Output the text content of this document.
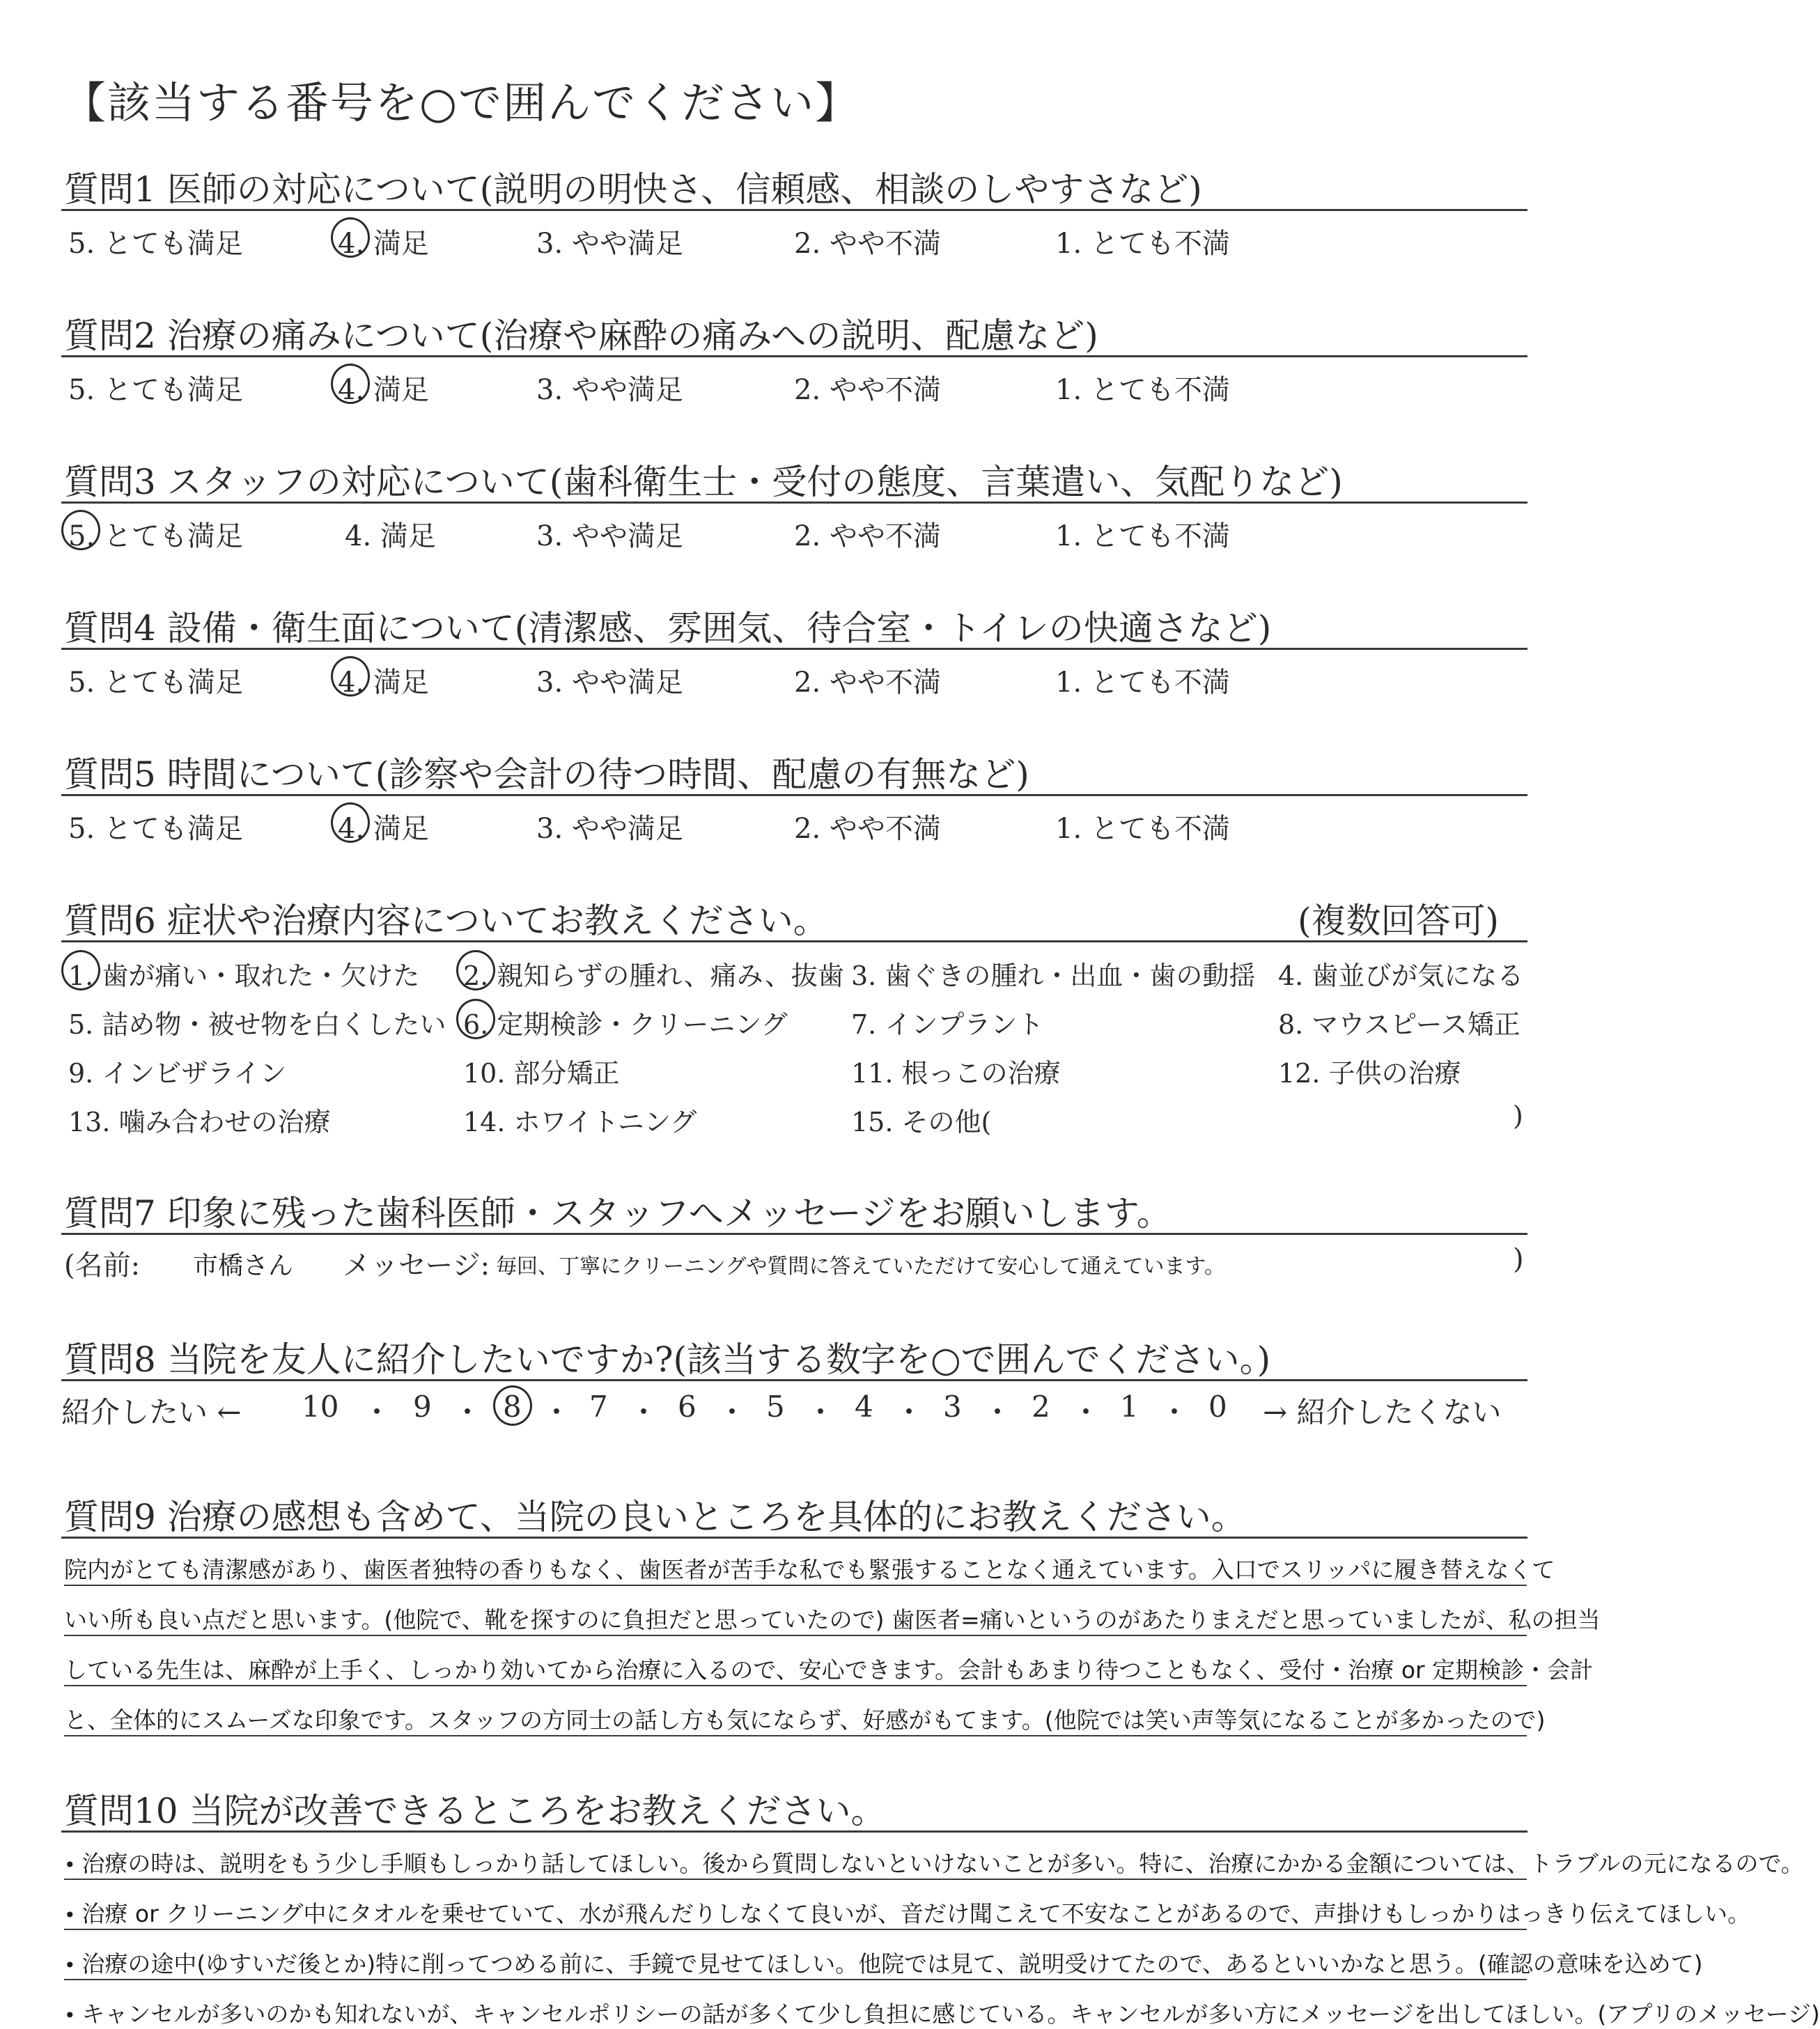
【該当する番号を○で囲んでください】
質問1 医師の対応について(説明の明快さ、信頼感、相談のしやすさなど)
5. とても満足	4. 満足	3. やや満足	2. やや不満	1. とても不満
質問2 治療の痛みについて(治療や麻酔の痛みへの説明、配慮など)
5. とても満足	4. 満足	3. やや満足	2. やや不満	1. とても不満
質問3 スタッフの対応について(歯科衛生士・受付の態度、言葉遣い、気配りなど)
5. とても満足	4. 満足	3. やや満足	2. やや不満	1. とても不満
質問4 設備・衛生面について(清潔感、雰囲気、待合室・トイレの快適さなど)
5. とても満足	4. 満足	3. やや満足	2. やや不満	1. とても不満
質問5 時間について(診察や会計の待つ時間、配慮の有無など)
5. とても満足	4. 満足	3. やや満足	2. やや不満	1. とても不満
質問6 症状や治療内容についてお教えください。	(複数回答可)
1. 歯が痛い・取れた・欠けた 2. 親知らずの腫れ、痛み、抜歯 3. 歯ぐきの腫れ・出血・歯の動揺 4. 歯並びが気になる
5. 詰め物・被せ物を白くしたい 6. 定期検診・クリーニング 7. インプラント	8. マウスピース矯正
9. インビザライン	10. 部分矯正	11. 根っこの治療	12. 子供の治療
13. 噛み合わせの治療	14. ホワイトニング	15. その他(	)
質問7 印象に残った歯科医師・スタッフへメッセージをお願いします。
(名前: 市橋さん メッセージ: 毎回、丁寧にクリーニングや質問に答えていただけて安心して通えています。	)
質問8 当院を友人に紹介したいですか?(該当する数字を○で囲んでください。)
紹介したい ← 10 ・ 9 ・ 8 ・ 7 ・ 6 ・ 5 ・ 4 ・ 3 ・ 2 ・ 1 ・ 0 → 紹介したくない
質問9 治療の感想も含めて、当院の良いところを具体的にお教えください。
院内がとても清潔感があり、歯医者独特の香りもなく、歯医者が苦手な私でも緊張することなく通えています。入口でスリッパに履き替えなくて
いい所も良い点だと思います。(他院で、靴を探すのに負担だと思っていたので) 歯医者=痛いというのがあたりまえだと思っていましたが、私の担当
している先生は、麻酔が上手く、しっかり効いてから治療に入るので、安心できます。会計もあまり待つこともなく、受付・治療 or 定期検診・会計
と、全体的にスムーズな印象です。スタッフの方同士の話し方も気にならず、好感がもてます。(他院では笑い声等気になることが多かったので)
質問10 当院が改善できるところをお教えください。
• 治療の時は、説明をもう少し手順もしっかり話してほしい。後から質問しないといけないことが多い。特に、治療にかかる金額については、トラブルの元になるので。
• 治療 or クリーニング中にタオルを乗せていて、水が飛んだりしなくて良いが、音だけ聞こえて不安なことがあるので、声掛けもしっかりはっきり伝えてほしい。
• 治療の途中(ゆすいだ後とか)特に削ってつめる前に、手鏡で見せてほしい。他院では見て、説明受けてたので、あるといいかなと思う。(確認の意味を込めて)
• キャンセルが多いのかも知れないが、キャンセルポリシーの話が多くて少し負担に感じている。キャンセルが多い方にメッセージを出してほしい。(アプリのメッセージ)
